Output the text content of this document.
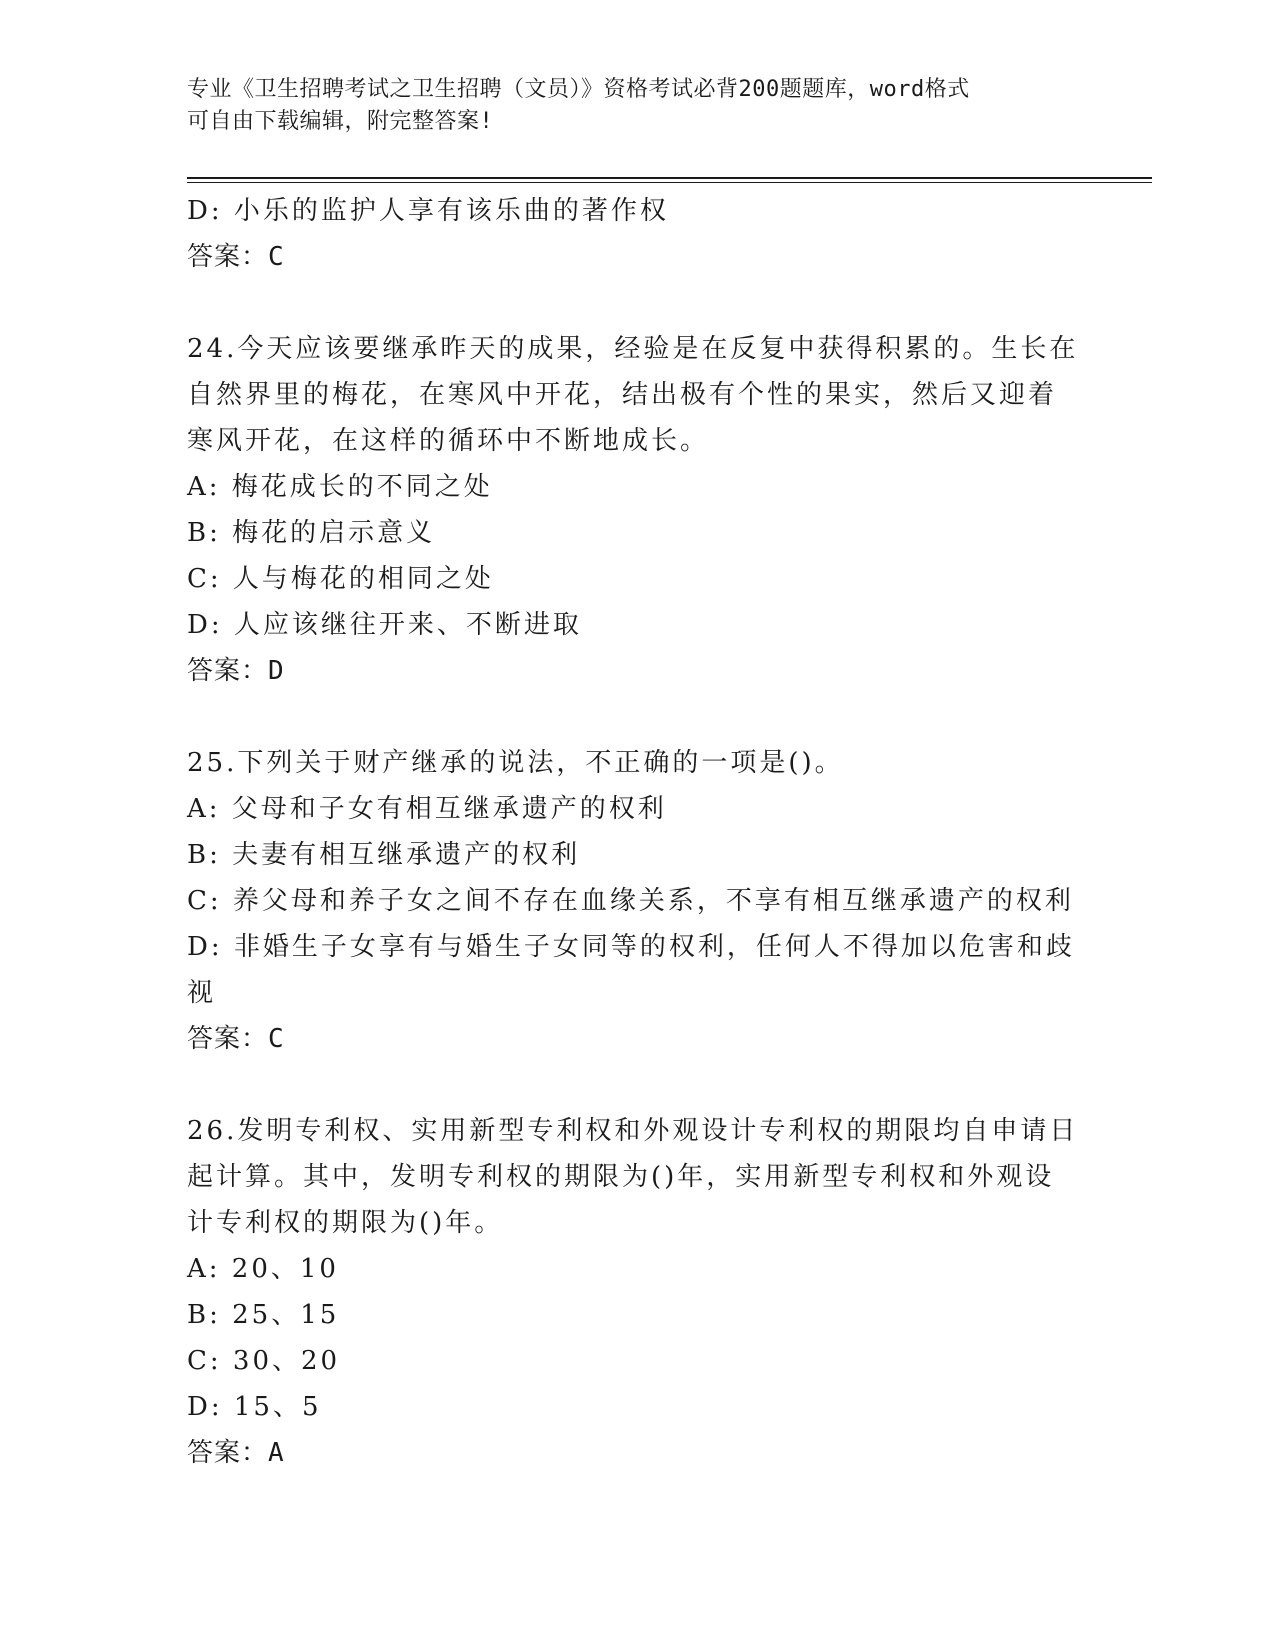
专业《卫生招聘考试之卫生招聘（文员）》资格考试必背200题题库，word格式
可自由下载编辑，附完整答案!
D: 小乐的监护人享有该乐曲的著作权
答案：C
24.今天应该要继承昨天的成果，经验是在反复中获得积累的。生长在
自然界里的梅花，在寒风中开花，结出极有个性的果实，然后又迎着
寒风开花，在这样的循环中不断地成长。
A: 梅花成长的不同之处
B: 梅花的启示意义
C: 人与梅花的相同之处
D: 人应该继往开来、不断进取
答案：D
25.下列关于财产继承的说法，不正确的一项是()。
A: 父母和子女有相互继承遗产的权利
B: 夫妻有相互继承遗产的权利
C: 养父母和养子女之间不存在血缘关系，不享有相互继承遗产的权利
D: 非婚生子女享有与婚生子女同等的权利，任何人不得加以危害和歧
视
答案：C
26.发明专利权、实用新型专利权和外观设计专利权的期限均自申请日
起计算。其中，发明专利权的期限为()年，实用新型专利权和外观设
计专利权的期限为()年。
A: 20、10
B: 25、15
C: 30、20
D: 15、5
答案：A
